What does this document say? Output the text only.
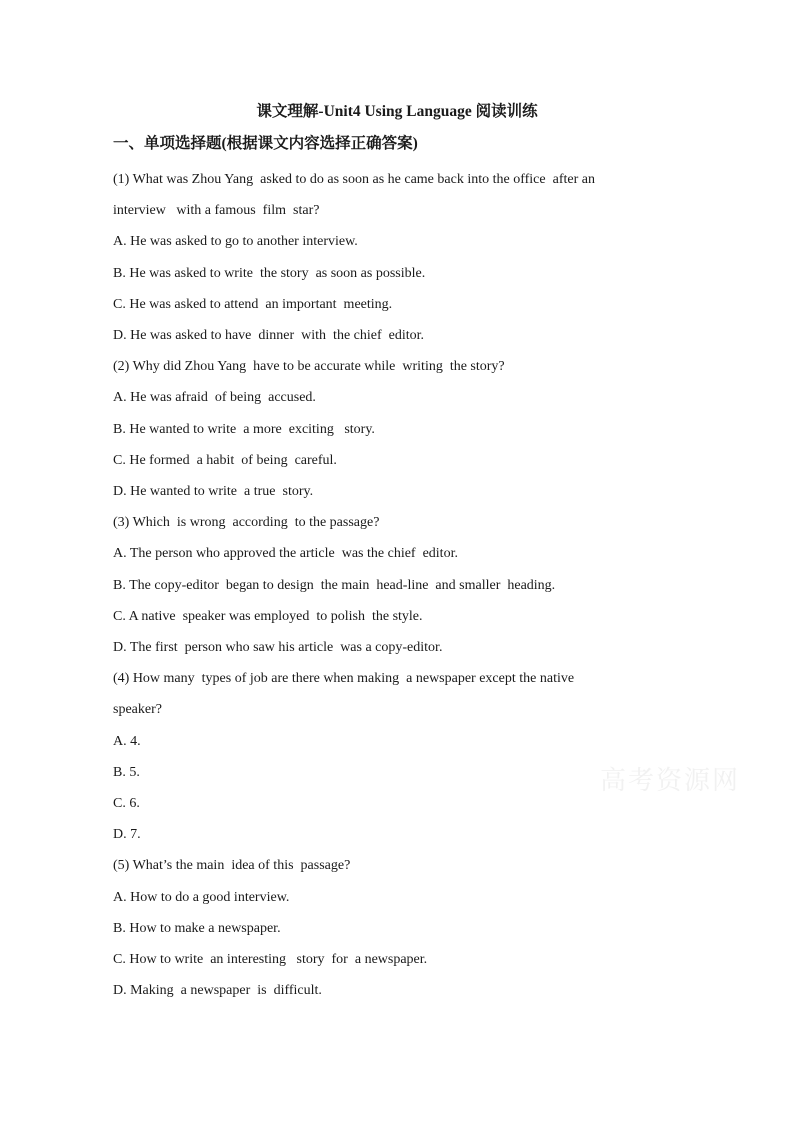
课文理解-Unit4 Using Language 阅读训练
一、单项选择题(根据课文内容选择正确答案)

(1) What was Zhou Yang  asked to do as soon as he came back into the office  after an

interview   with a famous  film  star?

A. He was asked to go to another interview.

B. He was asked to write  the story  as soon as possible.

C. He was asked to attend  an important  meeting.

D. He was asked to have  dinner  with  the chief  editor.

(2) Why did Zhou Yang  have to be accurate while  writing  the story?

A. He was afraid  of being  accused.

B. He wanted to write  a more  exciting   story.

C. He formed  a habit  of being  careful.

D. He wanted to write  a true  story.

(3) Which  is wrong  according  to the passage?

A. The person who approved the article  was the chief  editor.

B. The copy-editor  began to design  the main  head-line  and smaller  heading.

C. A native  speaker was employed  to polish  the style.

D. The first  person who saw his article  was a copy-editor.

(4) How many  types of job are there when making  a newspaper except the native

speaker?

A. 4.

B. 5.

C. 6.

D. 7.

(5) What’s the main  idea of this  passage?

A. How to do a good interview.

B. How to make a newspaper.

C. How to write  an interesting   story  for  a newspaper.

D. Making  a newspaper  is  difficult.

高考资源网
